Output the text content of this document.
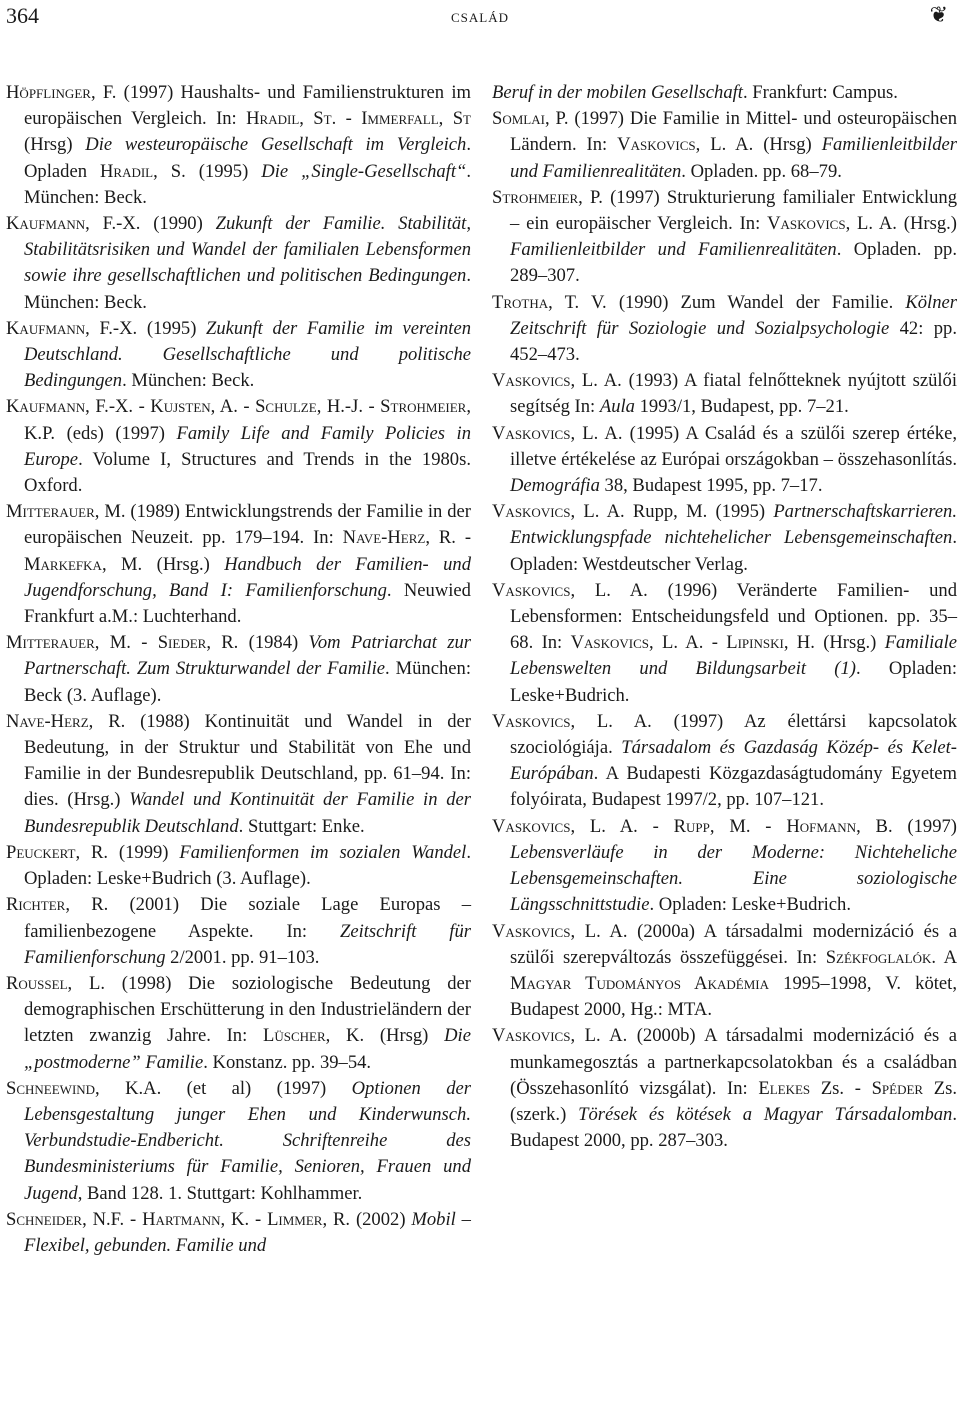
364	család	❦

Höpflinger, F. (1997) Haushalts- und Familienstrukturen im europäischen Vergleich. In: Hradil, St. - Immerfall, St (Hrsg) Die westeuropäische Gesellschaft im Vergleich. Opladen Hradil, S. (1995) Die „Single-Gesellschaft“. München: Beck.

Kaufmann, F.-X. (1990) Zukunft der Familie. Stabilität, Stabilitätsrisiken und Wandel der familialen Lebensformen sowie ihre gesellschaftlichen und politischen Bedingungen. München: Beck.

Kaufmann, F.-X. (1995) Zukunft der Familie im vereinten Deutschland. Gesellschaftliche und politische Bedingungen. München: Beck.

Kaufmann, F.-X. - Kujsten, A. - Schulze, H.-J. - Strohmeier, K.P. (eds) (1997) Family Life and Family Policies in Europe. Volume I, Structures and Trends in the 1980s. Oxford.

Mitterauer, M. (1989) Entwicklungstrends der Familie in der europäischen Neuzeit. pp. 179–194. In: Nave-Herz, R. - Markefka, M. (Hrsg.) Handbuch der Familien- und Jugendforschung, Band I: Familienforschung. Neuwied Frankfurt a.M.: Luchterhand.

Mitterauer, M. - Sieder, R. (1984) Vom Patriarchat zur Partnerschaft. Zum Strukturwandel der Familie. München: Beck (3. Auflage).

Nave-Herz, R. (1988) Kontinuität und Wandel in der Bedeutung, in der Struktur und Stabilität von Ehe und Familie in der Bundesrepublik Deutschland, pp. 61–94. In: dies. (Hrsg.) Wandel und Kontinuität der Familie in der Bundesrepublik Deutschland. Stuttgart: Enke.

Peuckert, R. (1999) Familienformen im sozialen Wandel. Opladen: Leske+Budrich (3. Auflage).

Richter, R. (2001) Die soziale Lage Europas – familienbezogene Aspekte. In: Zeitschrift für Familienforschung 2/2001. pp. 91–103.

Roussel, L. (1998) Die soziologische Bedeutung der demographischen Erschütterung in den Industrieländern der letzten zwanzig Jahre. In: Lüscher, K. (Hrsg) Die „postmoderne” Familie. Konstanz. pp. 39–54.

Schneewind, K.A. (et al) (1997) Optionen der Lebensgestaltung junger Ehen und Kinderwunsch. Verbundstudie-Endbericht. Schriftenreihe des Bundesministeriums für Familie, Senioren, Frauen und Jugend, Band 128. 1. Stuttgart: Kohlhammer.

Schneider, N.F. - Hartmann, K. - Limmer, R. (2002) Mobil – Flexibel, gebunden. Familie und

Beruf in der mobilen Gesellschaft. Frankfurt: Campus.

Somlai, P. (1997) Die Familie in Mittel- und osteuropäischen Ländern. In: Vaskovics, L. A. (Hrsg) Familienleitbilder und Familienrealitäten. Opladen. pp. 68–79.

Strohmeier, P. (1997) Strukturierung familialer Entwicklung – ein europäischer Vergleich. In: Vaskovics, L. A. (Hrsg.) Familienleitbilder und Familienrealitäten. Opladen. pp. 289–307.

Trotha, T. V. (1990) Zum Wandel der Familie. Kölner Zeitschrift für Soziologie und Sozialpsychologie 42: pp. 452–473.

Vaskovics, L. A. (1993) A fiatal felnőtteknek nyújtott szülői segítség In: Aula 1993/1, Budapest, pp. 7–21.

Vaskovics, L. A. (1995) A Család és a szülői szerep értéke, illetve értékelése az Európai országokban – összehasonlítás. Demográfia 38, Budapest 1995, pp. 7–17.

Vaskovics, L. A. Rupp, M. (1995) Partnerschaftskarrieren. Entwicklungspfade nichtehelicher Lebensgemeinschaften. Opladen: Westdeutscher Verlag.

Vaskovics, L. A. (1996) Veränderte Familien- und Lebensformen: Entscheidungsfeld und Optionen. pp. 35–68. In: Vaskovics, L. A. - Lipinski, H. (Hrsg.) Familiale Lebenswelten und Bildungsarbeit (1). Opladen: Leske+Budrich.

Vaskovics, L. A. (1997) Az élettársi kapcsolatok szociológiája. Társadalom és Gazdaság Közép- és Kelet-Európában. A Budapesti Közgazdaságtudomány Egyetem folyóirata, Budapest 1997/2, pp. 107–121.

Vaskovics, L. A. - Rupp, M. - Hofmann, B. (1997) Lebensverläufe in der Moderne: Nichteheliche Lebensgemeinschaften. Eine soziologische Längsschnittstudie. Opladen: Leske+Budrich.

Vaskovics, L. A. (2000a) A társadalmi modernizáció és a szülői szerepváltozás összefüggései. In: Székfoglalók. A Magyar Tudományos Akadémia 1995–1998, V. kötet, Budapest 2000, Hg.: MTA.

Vaskovics, L. A. (2000b) A társadalmi modernizáció és a munkamegosztás a partnerkapcsolatokban és a családban (Összehasonlító vizsgálat). In: Elekes Zs. - Spéder Zs. (szerk.) Törések és kötések a Magyar Társadalomban. Budapest 2000, pp. 287–303.
